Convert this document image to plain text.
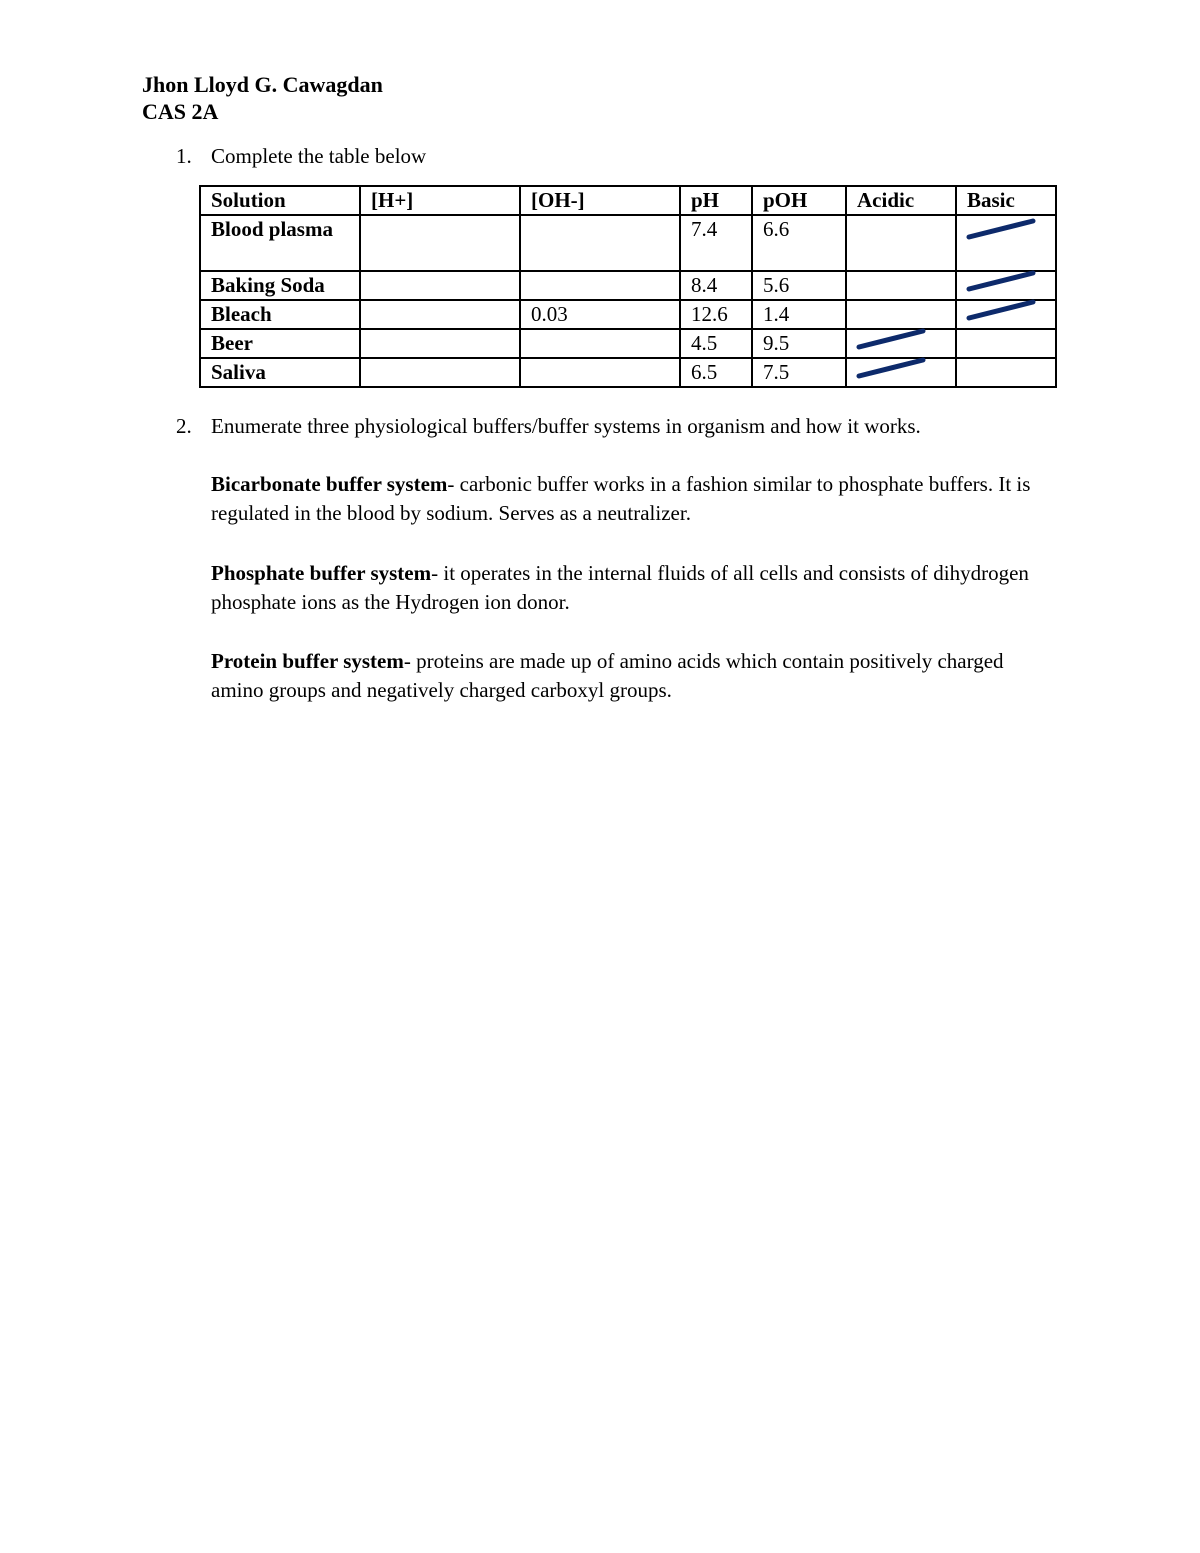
Jhon Lloyd G. Cawagdan
CAS 2A
1. Complete the table below
Solution	[H+]	[OH-]	pH	pOH	Acidic	Basic
Blood plasma			7.4	6.6		

Baking Soda			8.4	5.6		

Bleach		0.03	12.6	1.4		

Beer			4.5	9.5	

Saliva			6.5	7.5	

2. Enumerate three physiological buffers/buffer systems in organism and how it works.
Bicarbonate buffer system- carbonic buffer works in a fashion similar to phosphate buffers. It is regulated in the blood by sodium. Serves as a neutralizer.
Phosphate buffer system- it operates in the internal fluids of all cells and consists of dihydrogen phosphate ions as the Hydrogen ion donor.
Protein buffer system- proteins are made up of amino acids which contain positively charged amino groups and negatively charged carboxyl groups.
